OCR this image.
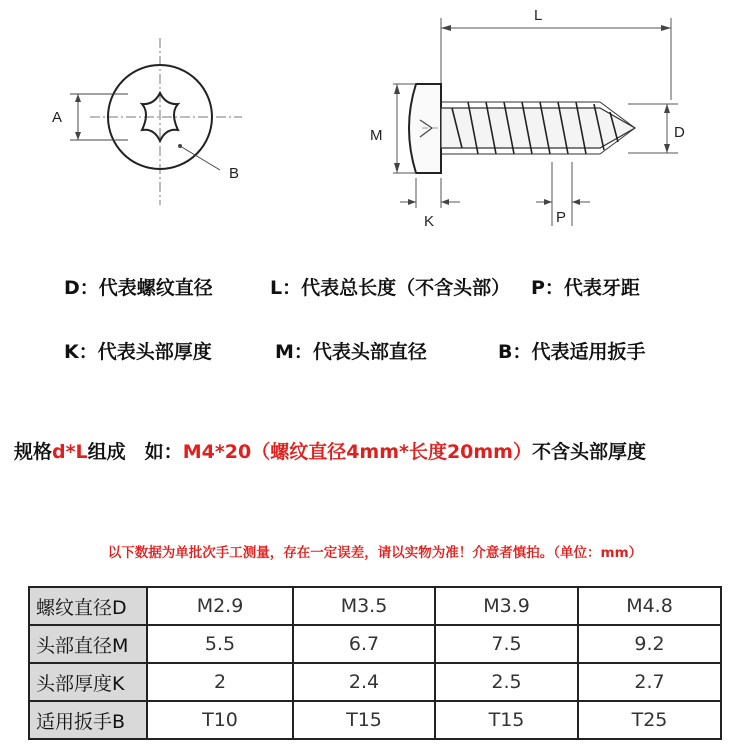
A
B
L
M	D
K	P
D：代表螺纹直径	L：代表总长度（不含头部） P：代表牙距
K：代表头部厚度	M：代表头部直径	B：代表适用扳手
规格d*L组成　如：M4*20（螺纹直径4mm*长度20mm）不含头部厚度
以下数据为单批次手工测量，存在一定误差，请以实物为准！介意者慎拍。（单位：mm）
螺纹直径D	M2.9	M3.5	M3.9	M4.8
头部直径M	5.5	6.7	7.5	9.2
头部厚度K	2	2.4	2.5	2.7
适用扳手B	T10	T15	T15	T25
